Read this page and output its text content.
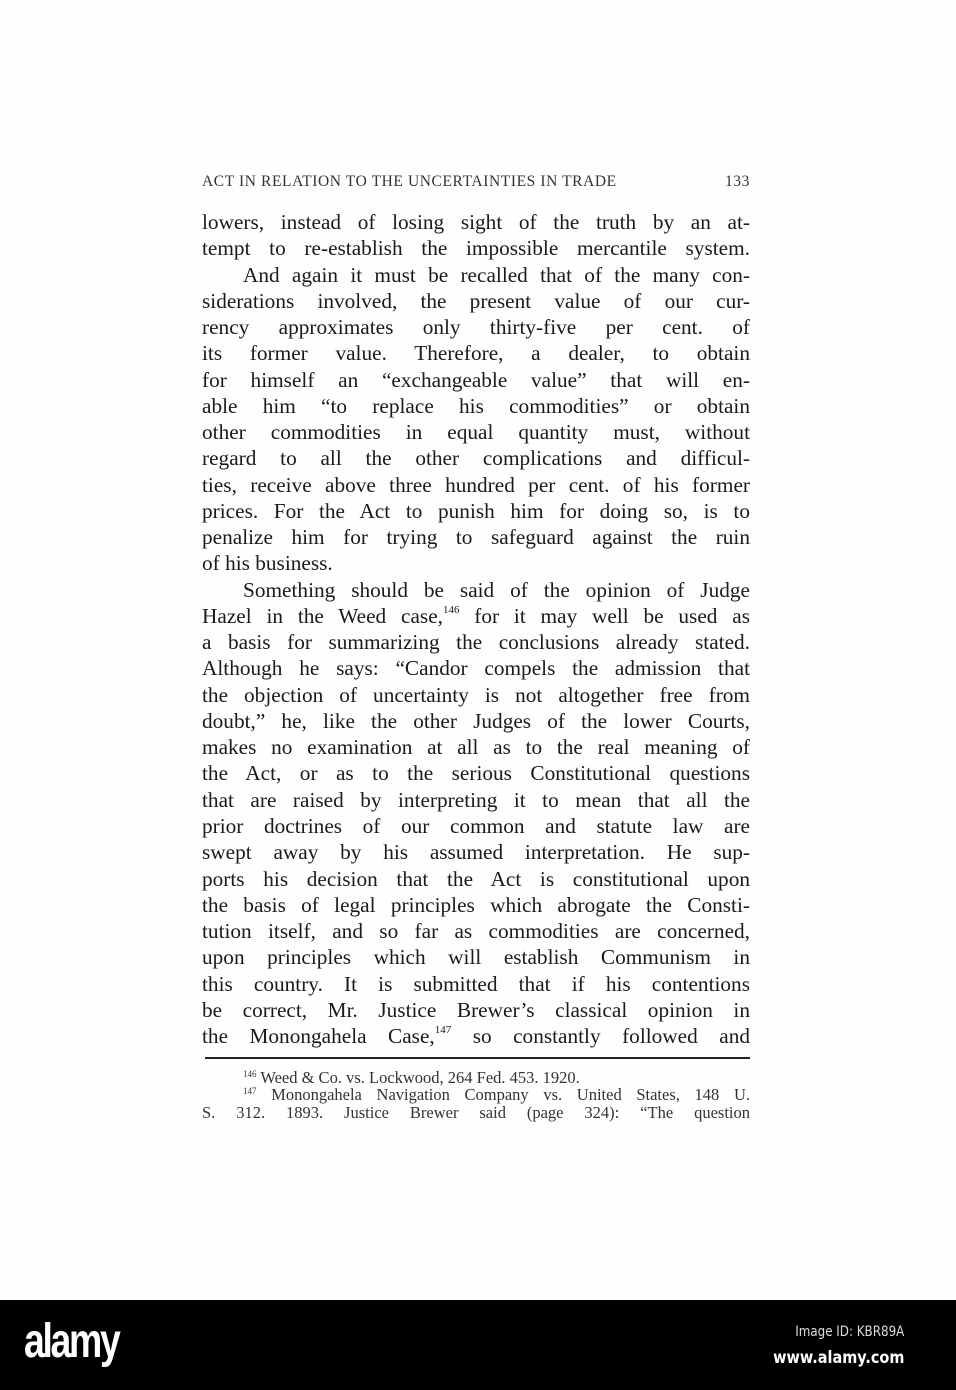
ACT IN RELATION TO THE UNCERTAINTIES IN TRADE	133
lowers, instead of losing sight of the truth by an at-
tempt to re-establish the impossible mercantile system.
And again it must be recalled that of the many con-
siderations involved, the present value of our cur-
rency approximates only thirty-five per cent. of
its former value. Therefore, a dealer, to obtain
for himself an “exchangeable value” that will en-
able him “to replace his commodities” or obtain
other commodities in equal quantity must, without
regard to all the other complications and difficul-
ties, receive above three hundred per cent. of his former
prices. For the Act to punish him for doing so, is to
penalize him for trying to safeguard against the ruin
of his business.
Something should be said of the opinion of Judge
Hazel in the Weed case,$^{146}$ for it may well be used as
a basis for summarizing the conclusions already stated.
Although he says: “Candor compels the admission that
the objection of uncertainty is not altogether free from
doubt,” he, like the other Judges of the lower Courts,
makes no examination at all as to the real meaning of
the Act, or as to the serious Constitutional questions
that are raised by interpreting it to mean that all the
prior doctrines of our common and statute law are
swept away by his assumed interpretation. He sup-
ports his decision that the Act is constitutional upon
the basis of legal principles which abrogate the Consti-
tution itself, and so far as commodities are concerned,
upon principles which will establish Communism in
this country. It is submitted that if his contentions
be correct, Mr. Justice Brewer’s classical opinion in
the Monongahela Case,$^{147}$ so constantly followed and
$^{146}$ Weed & Co. vs. Lockwood, 264 Fed. 453. 1920.
$^{147}$ Monongahela Navigation Company vs. United States, 148 U.
S. 312. 1893. Justice Brewer said (page 324): “The question
alamy	Image ID: KBR89A
www.alamy.com
